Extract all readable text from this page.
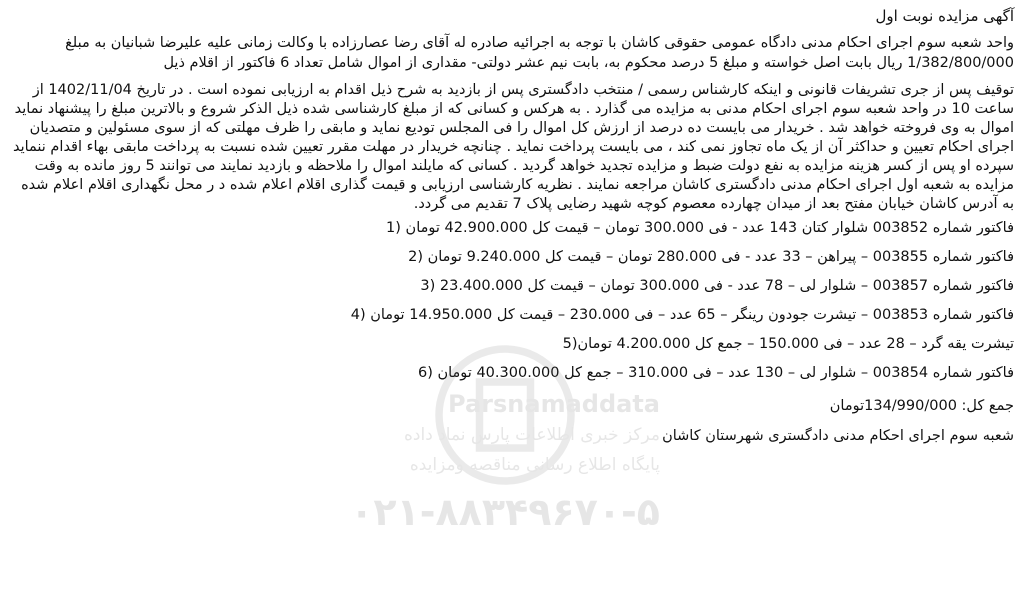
آگهی مزایده نوبت اول

واحد شعبه سوم اجرای احکام مدنی دادگاه عمومی حقوقی کاشان با توجه به اجرائیه صادره له آقای رضا عصارزاده با وکالت زمانی علیه علیرضا شبانیان به مبلغ 1/382/800/000 ریال بابت اصل خواسته و مبلغ 5 درصد محکوم به، بابت نیم عشر دولتی- مقداری از اموال شامل تعداد 6 فاکتور از اقلام ذیل

توقیف پس از جری تشریفات قانونی و اینکه کارشناس رسمی / منتخب دادگستری پس از بازدید به شرح ذیل اقدام به ارزیابی نموده است . در تاریخ 1402/11/04 از ساعت 10 در واحد شعبه سوم اجرای احکام مدنی به مزایده می گذارد . به هرکس و کسانی که از مبلغ کارشناسی شده ذیل الذکر شروع و بالاترین مبلغ را پیشنهاد نماید اموال به وی فروخته خواهد شد . خریدار می بایست ده درصد از ارزش کل اموال را فی المجلس تودیع نماید و مابقی را ظرف مهلتی که از سوی مسئولین و متصدیان اجرای احکام تعیین و حداکثر آن از یک ماه تجاوز نمی کند ، می بایست پرداخت نماید . چنانچه خریدار در مهلت مقرر تعیین شده نسبت به پرداخت مابقی بهاء اقدام ننماید سپرده او پس از کسر هزینه مزایده به نفع دولت ضبط و مزایده تجدید خواهد گردید . کسانی که مایلند اموال را ملاحظه و بازدید نمایند می توانند 5 روز مانده به وقت مزایده به شعبه اول اجرای احکام مدنی دادگستری کاشان مراجعه نمایند . نظریه کارشناسی ارزیابی و قیمت گذاری اقلام اعلام شده د ر محل نگهداری اقلام اعلام شده به آدرس کاشان خیابان مفتح بعد از میدان چهارده معصوم کوچه شهید رضایی پلاک 7 تقدیم می گردد.

فاکتور شماره 003852 شلوار کتان 143 عدد - فی 300.000 تومان – قیمت کل 42.900.000 تومان (1

فاکتور شماره 003855 – پیراهن – 33 عدد - فی 280.000 تومان – قیمت کل 9.240.000 تومان (2

فاکتور شماره 003857 – شلوار لی – 78 عدد - فی 300.000 تومان – قیمت کل 23.400.000 (3

فاکتور شماره 003853 – تیشرت جودون رینگر – 65 عدد – فی 230.000 – قیمت کل 14.950.000 تومان (4

تیشرت یقه گرد – 28 عدد – فی 150.000 – جمع کل 4.200.000 تومان(5

فاکتور شماره 003854 – شلوار لی – 130 عدد – فی 310.000 – جمع کل 40.300.000 تومان (6

جمع کل: 134/990/000تومان

شعبه سوم اجرای احکام مدنی دادگستری شهرستان کاشان

Parsnamaddata
مرکز خبری اطلاعات پارس نماد داده
پایگاه اطلاع رسانی مناقصه ومزایده
۰۲۱-۸۸۳۴۹۶۷۰-۵
